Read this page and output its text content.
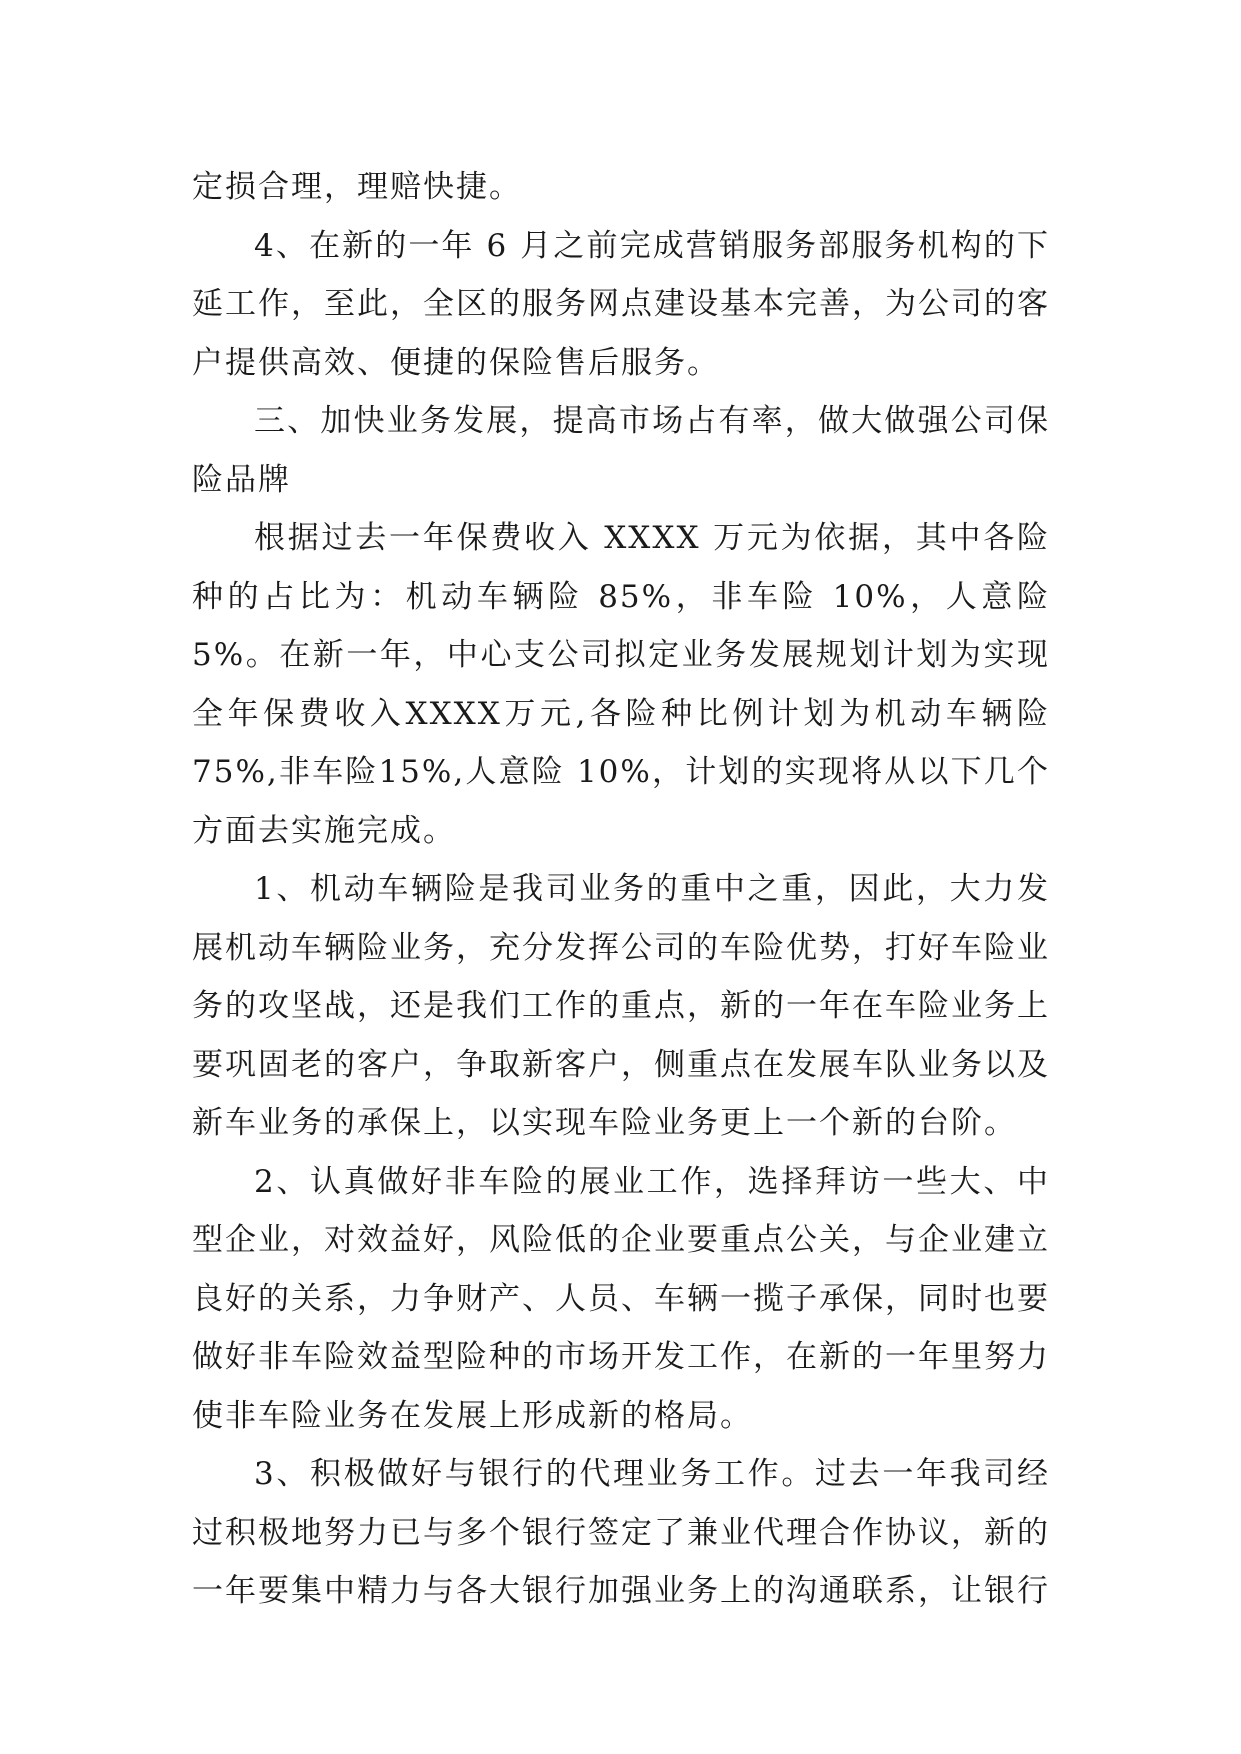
定损合理，理赔快捷。

4、在新的一年 6 月之前完成营销服务部服务机构的下延工作，至此，全区的服务网点建设基本完善，为公司的客户提供高效、便捷的保险售后服务。

三、加快业务发展，提高市场占有率，做大做强公司保险品牌

根据过去一年保费收入 XXXX 万元为依据，其中各险种的占比为：机动车辆险 85%，非车险 10%，人意险 5%。在新一年，中心支公司拟定业务发展规划计划为实现全年保费收入XXXX万元,各险种比例计划为机动车辆险75%,非车险15%,人意险 10%，计划的实现将从以下几个方面去实施完成。

1、机动车辆险是我司业务的重中之重，因此，大力发展机动车辆险业务，充分发挥公司的车险优势，打好车险业务的攻坚战，还是我们工作的重点，新的一年在车险业务上要巩固老的客户，争取新客户，侧重点在发展车队业务以及新车业务的承保上，以实现车险业务更上一个新的台阶。

2、认真做好非车险的展业工作，选择拜访一些大、中型企业，对效益好，风险低的企业要重点公关，与企业建立良好的关系，力争财产、人员、车辆一揽子承保，同时也要做好非车险效益型险种的市场开发工作，在新的一年里努力使非车险业务在发展上形成新的格局。

3、积极做好与银行的代理业务工作。过去一年我司经过积极地努力已与多个银行签定了兼业代理合作协议，新的一年要集中精力与各大银行加强业务上的沟通联系，让银行
